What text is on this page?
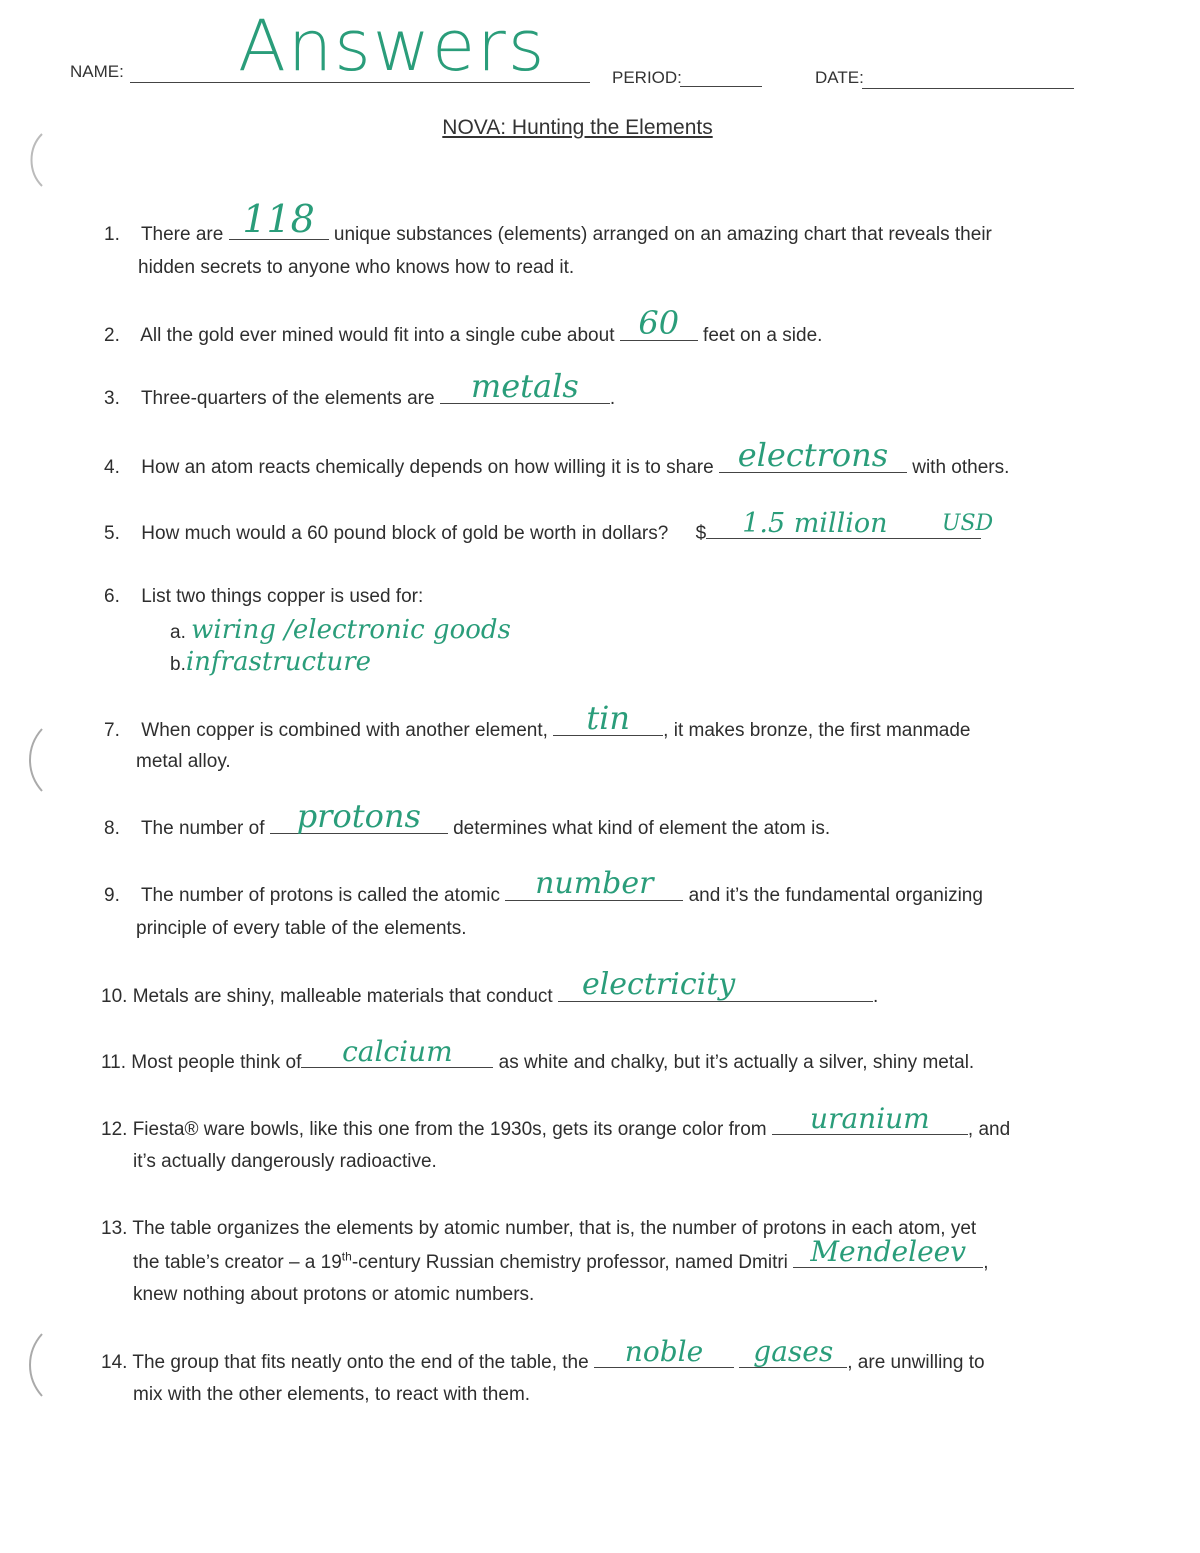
NAME: Answers	PERIOD:	DATE:
NOVA: Hunting the Elements
1. There are 118	unique substances (elements) arranged on an amazing chart that reveals their
hidden secrets to anyone who knows how to read it.
2. All the gold ever mined would fit into a single cube about 60	feet on a side.
3. Three-quarters of the elements are	metals	.
4. How an atom reacts chemically depends on how willing it is to share electrons	with others.
5. How much would a 60 pound block of gold be worth in dollars? $	1.5 million	USD
6. List two things copper is used for:
a. wiring /electronic goods
b.infrastructure
7. When copper is combined with another element,	tin	, it makes bronze, the first manmade
metal alloy.
8. The number of	protons	determines what kind of element the atom is.
9. The number of protons is called the atomic	number	and it’s the fundamental organizing
principle of every table of the elements.
10. Metals are shiny, malleable materials that conduct electricity	.
11. Most people think of	calcium	as white and chalky, but it’s actually a silver, shiny metal.
12. Fiesta® ware bowls, like this one from the 1930s, gets its orange color from	uranium	, and
it’s actually dangerously radioactive.
13. The table organizes the elements by atomic number, that is, the number of protons in each atom, yet
the table’s creator – a 19th-century Russian chemistry professor, named Dmitri Mendeleev ,
knew nothing about protons or atomic numbers.
14. The group that fits neatly onto the end of the table, the	noble
	gases , are unwilling to
mix with the other elements, to react with them.
